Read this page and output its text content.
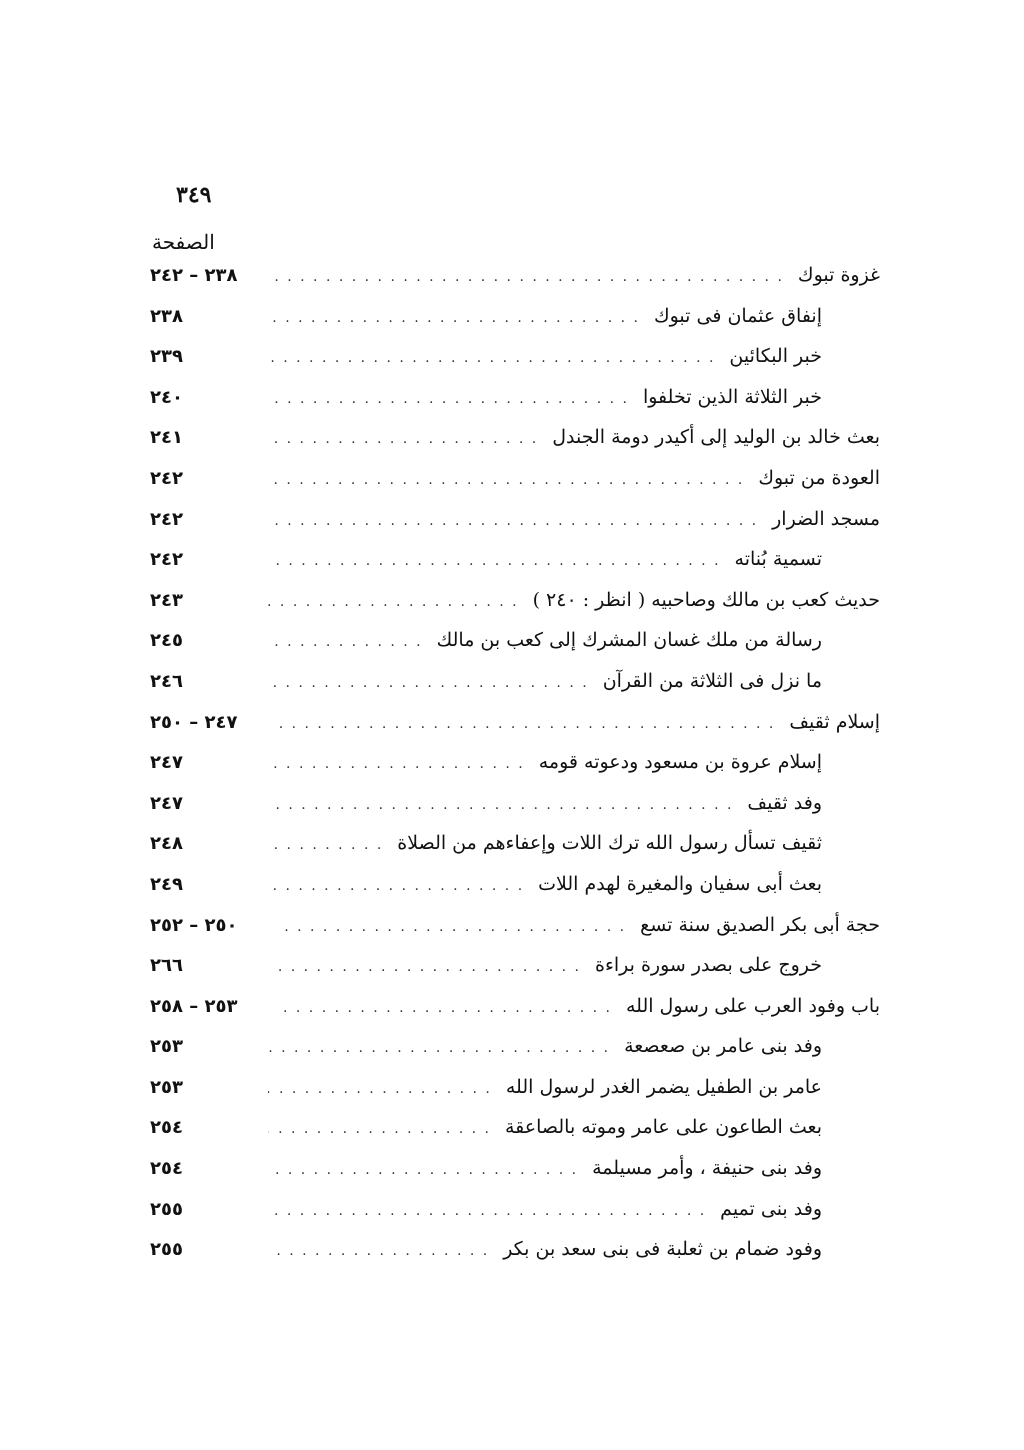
٣٤٩
الصفحة
غزوة تبوك
. . .
٢٣٨ – ٢٤٢
إنفاق عثمان فى تبوك
. . .
٢٣٨
خبر البكائين
. . .
٢٣٩
خبر الثلاثة الذين تخلفوا
. . .
٢٤٠
بعث خالد بن الوليد إلى أكيدر دومة الجندل
. . .
٢٤١
العودة من تبوك
. . .
٢٤٢
مسجد الضرار
. . .
٢٤٢
تسمية بُناته
. . .
٢٤٢
حديث كعب بن مالك وصاحبيه ( انظر : ٢٤٠ )
. . .
٢٤٣
رسالة من ملك غسان المشرك إلى كعب بن مالك
. . .
٢٤٥
ما نزل فى الثلاثة من القرآن
. . .
٢٤٦
إسلام ثقيف
. . .
٢٤٧ – ٢٥٠
إسلام عروة بن مسعود ودعوته قومه
. . .
٢٤٧
وفد ثقيف
. . .
٢٤٧
ثقيف تسأل رسول الله ترك اللات وإعفاءهم من الصلاة
. . .
٢٤٨
بعث أبى سفيان والمغيرة لهدم اللات
. . .
٢٤٩
حجة أبى بكر الصديق سنة تسع
. . .
٢٥٠ – ٢٥٢
خروج على بصدر سورة براءة
. . .
٢٦٦
باب وفود العرب على رسول الله
. . .
٢٥٣ – ٢٥٨
وفد بنى عامر بن صعصعة
. . .
٢٥٣
عامر بن الطفيل يضمر الغدر لرسول الله
. . .
٢٥٣
بعث الطاعون على عامر وموته بالصاعقة
. . .
٢٥٤
وفد بنى حنيفة ، وأمر مسيلمة
. . .
٢٥٤
وفد بنى تميم
. . .
٢٥٥
وفود ضمام بن ثعلبة فى بنى سعد بن بكر
. . .
٢٥٥
